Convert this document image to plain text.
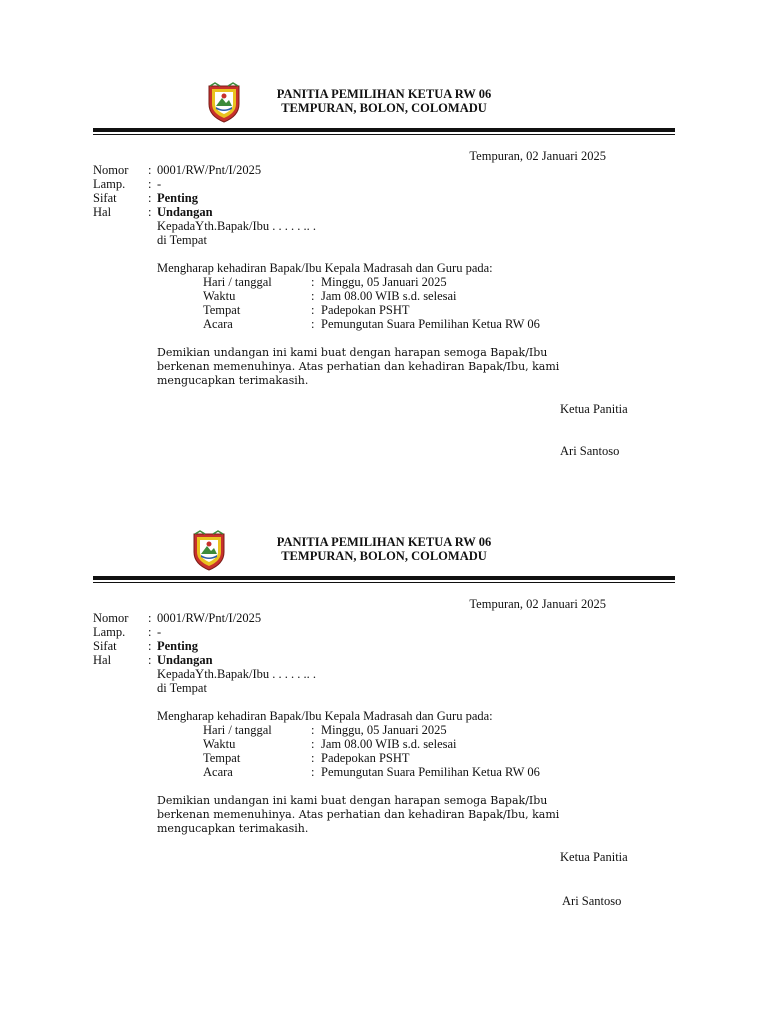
PANITIA PEMILIHAN KETUA RW 06
TEMPURAN, BOLON, COLOMADU
Tempuran, 02 Januari 2025
Nomor : 0001/RW/Pnt/I/2025
Lamp. : -
Sifat	: Penting
Hal	: Undangan
KepadaYth.Bapak/Ibu . . . . . .. .
di Tempat
Mengharap kehadiran Bapak/Ibu Kepala Madrasah dan Guru pada:
Hari / tanggal	: Minggu, 05 Januari 2025
Waktu	: Jam 08.00 WIB s.d. selesai
Tempat	: Padepokan PSHT
Acara	: Pemungutan Suara Pemilihan Ketua RW 06
Demikian undangan ini kami buat dengan harapan semoga Bapak/Ibu berkenan memenuhinya. Atas perhatian dan kehadiran Bapak/Ibu, kami mengucapkan terimakasih.
Ketua Panitia
Ari Santoso
PANITIA PEMILIHAN KETUA RW 06
TEMPURAN, BOLON, COLOMADU
Tempuran, 02 Januari 2025
Nomor : 0001/RW/Pnt/I/2025
Lamp. : -
Sifat	: Penting
Hal	: Undangan
KepadaYth.Bapak/Ibu . . . . . .. .
di Tempat
Mengharap kehadiran Bapak/Ibu Kepala Madrasah dan Guru pada:
Hari / tanggal	: Minggu, 05 Januari 2025
Waktu	: Jam 08.00 WIB s.d. selesai
Tempat	: Padepokan PSHT
Acara	: Pemungutan Suara Pemilihan Ketua RW 06
Demikian undangan ini kami buat dengan harapan semoga Bapak/Ibu berkenan memenuhinya. Atas perhatian dan kehadiran Bapak/Ibu, kami mengucapkan terimakasih.
Ketua Panitia
Ari Santoso
